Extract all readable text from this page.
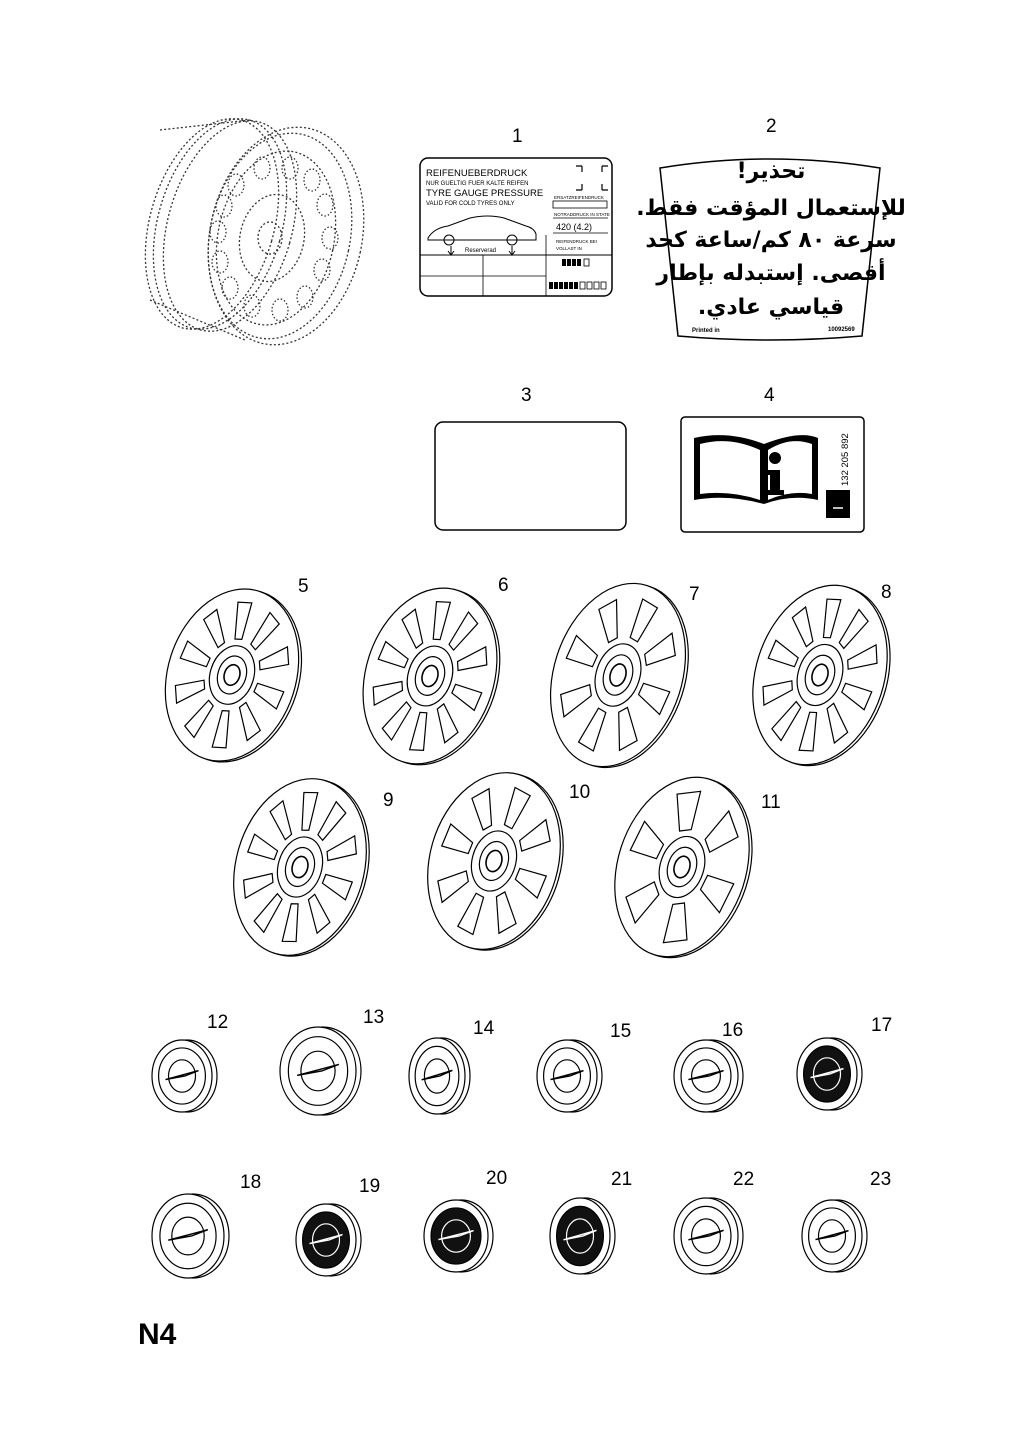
REIFENUEBERDRUCK
NUR GUELTIG FUER KALTE REIFEN
TYRE GAUGE PRESSURE
VALID FOR COLD TYRES ONLY
ERSATZREIFENDRUCK
NOTRADDRUCK IN STATE
420 (4.2)
REIFENDRUCK BEI
VOLLAST IN
Reserverad
تحذير!
للإستعمال المؤقت فقط.
سرعة ٨٠ كم/ساعة كحد
أقصى. إستبدله بإطار
قياسي عادي.
Printed in	10092569
132 205 892
1	2
3	4
5	6	7	8
9	10	11
12	13
14	15	16	17
18	19	20	21	22	23
N4
